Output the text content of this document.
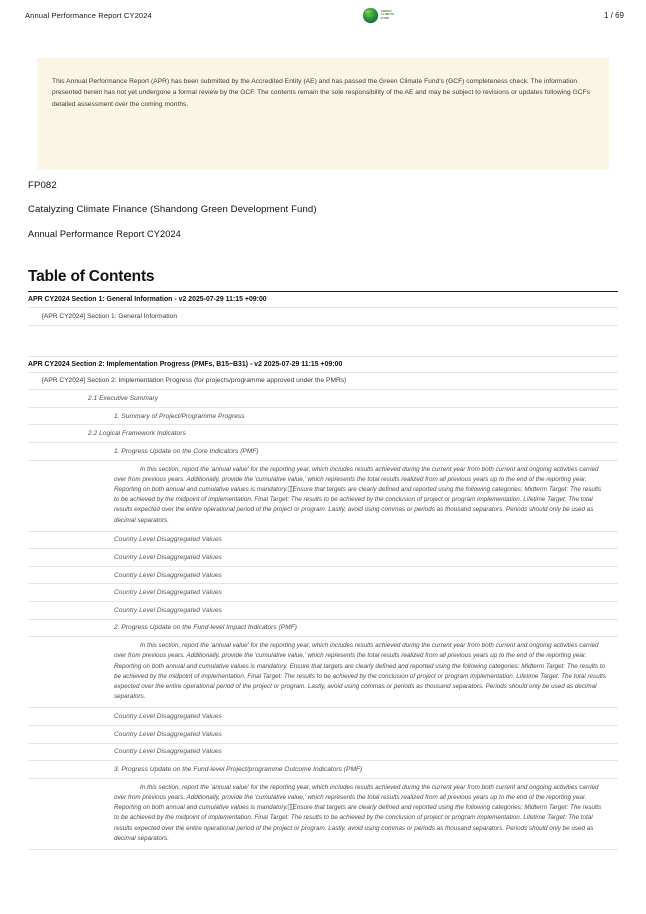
Annual Performance Report CY2024	GREEN
CLIMATE
FUND	1 / 69

This Annual Performance Report (APR) has been submitted by the Accredited Entity (AE) and has passed the Green Climate Fund's (GCF) completeness check. The information presented herein has not yet undergone a formal review by the GCF. The contents remain the sole responsibility of the AE and may be subject to revisions or updates following GCFs detailed assessment over the coming months.

FP082
Catalyzing Climate Finance (Shandong Green Development Fund)
Annual Performance Report CY2024
Table of Contents
APR CY2024 Section 1: General Information - v2 2025-07-29 11:15 +09:00
[APR CY2024] Section 1: General Information
APR CY2024 Section 2: Implementation Progress (PMFs, B15~B31) - v2 2025-07-29 11:15 +09:00
[APR CY2024] Section 2: Implementation Progress (for projects/programme approved under the PMRs)
2.1 Executive Summary
1. Summary of Project/Programme Progress
2.2 Logical Framework Indicators
1. Progress Update on the Core Indicators (PMF)
In this section, report the 'annual value' for the reporting year, which includes results achieved during the current year from both current and ongoing activities carried over from previous years. Additionally, provide the 'cumulative value,' which represents the total results realized from all previous years up to the end of the reporting year. Reporting on both annual and cumulative values is mandatory.⎕⎕Ensure that targets are clearly defined and reported using the following categories: Midterm Target: The results to be achieved by the midpoint of implementation. Final Target: The results to be achieved by the conclusion of project or program implementation. Lifetime Target: The total results expected over the entire operational period of the project or program. Lastly, avoid using commas or periods as thousand separators. Periods should only be used as decimal separators.
Country Level Disaggregated Values
Country Level Disaggregated Values
Country Level Disaggregated Values
Country Level Disaggregated Values
Country Level Disaggregated Values
2. Progress Update on the Fund-level Impact Indicators (PMF)
In this section, report the 'annual value' for the reporting year, which includes results achieved during the current year from both current and ongoing activities carried over from previous years. Additionally, provide the 'cumulative value,' which represents the total results realized from all previous years up to the end of the reporting year. Reporting on both annual and cumulative values is mandatory. Ensure that targets are clearly defined and reported using the following categories: Midterm Target: The results to be achieved by the midpoint of implementation. Final Target: The results to be achieved by the conclusion of project or program implementation. Lifetime Target: The total results expected over the entire operational period of the project or program. Lastly, avoid using commas or periods as thousand separators. Periods should only be used as decimal separators.
Country Level Disaggregated Values
Country Level Disaggregated Values
Country Level Disaggregated Values
3. Progress Update on the Fund-level Project/programme Outcome Indicators (PMF)
In this section, report the 'annual value' for the reporting year, which includes results achieved during the current year from both current and ongoing activities carried over from previous years. Additionally, provide the 'cumulative value,' which represents the total results realized from all previous years up to the end of the reporting year. Reporting on both annual and cumulative values is mandatory.⎕⎕Ensure that targets are clearly defined and reported using the following categories: Midterm Target: The results to be achieved by the midpoint of implementation. Final Target: The results to be achieved by the conclusion of project or program implementation. Lifetime Target: The total results expected over the entire operational period of the project or program. Lastly, avoid using commas or periods as thousand separators. Periods should only be used as decimal separators.
